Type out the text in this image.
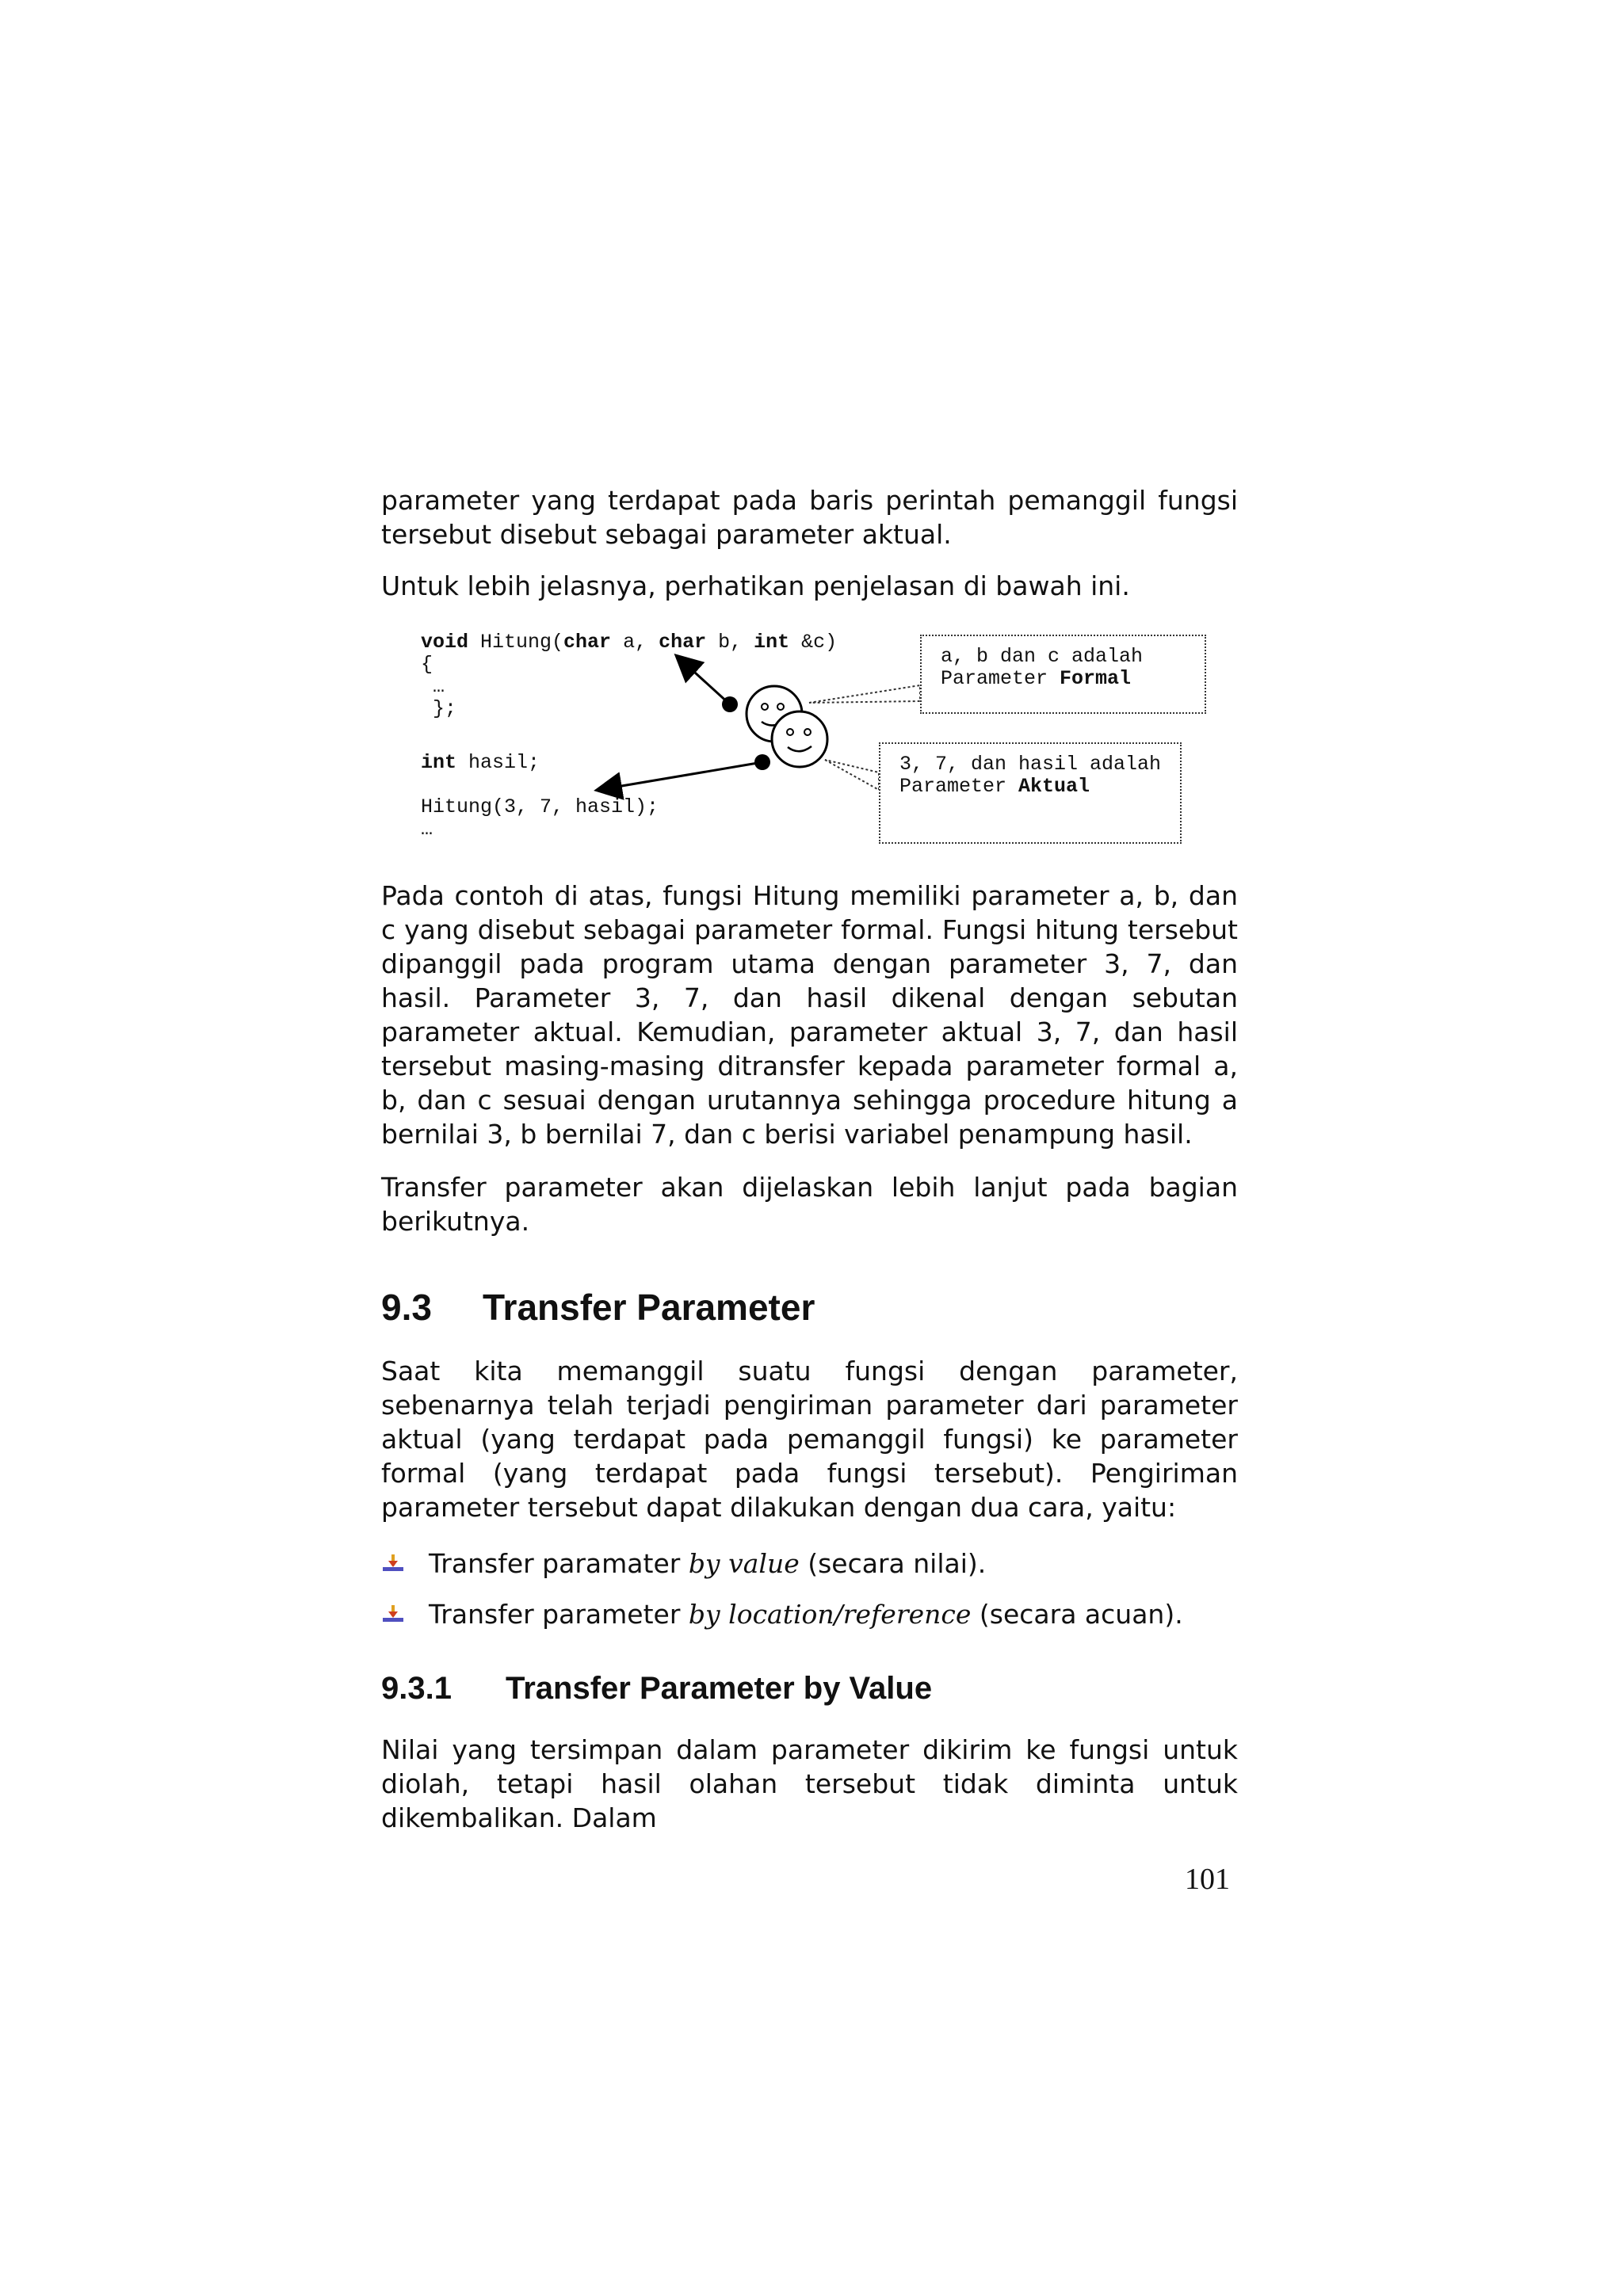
parameter yang terdapat pada baris perintah pemanggil fungsi tersebut disebut sebagai parameter aktual.

Untuk lebih jelasnya, perhatikan penjelasan di bawah ini.

void Hitung(char a, char b, int &c)
{
…
};
int hasil;
Hitung(3, 7, hasil);
…
a, b dan c adalah Parameter Formal
3, 7, dan hasil adalah Parameter Aktual

Pada contoh di atas, fungsi Hitung memiliki parameter a, b, dan c yang disebut sebagai parameter formal. Fungsi hitung tersebut dipanggil pada program utama dengan parameter 3, 7, dan hasil. Parameter 3, 7, dan hasil dikenal dengan sebutan parameter aktual. Kemudian, parameter aktual 3, 7, dan hasil tersebut masing-masing ditransfer kepada parameter formal a, b, dan c sesuai dengan urutannya sehingga procedure hitung a bernilai 3, b bernilai 7, dan c berisi variabel penampung hasil.

Transfer parameter akan dijelaskan lebih lanjut pada bagian berikutnya.

9.3 Transfer Parameter

Saat kita memanggil suatu fungsi dengan parameter, sebenarnya telah terjadi pengiriman parameter dari parameter aktual (yang terdapat pada pemanggil fungsi) ke parameter formal (yang terdapat pada fungsi tersebut). Pengiriman parameter tersebut dapat dilakukan dengan dua cara, yaitu:

Transfer paramater by value (secara nilai).
Transfer parameter by location/reference (secara acuan).
9.3.1 Transfer Parameter by Value

Nilai yang tersimpan dalam parameter dikirim ke fungsi untuk diolah, tetapi hasil olahan tersebut tidak diminta untuk dikembalikan. Dalam

101
